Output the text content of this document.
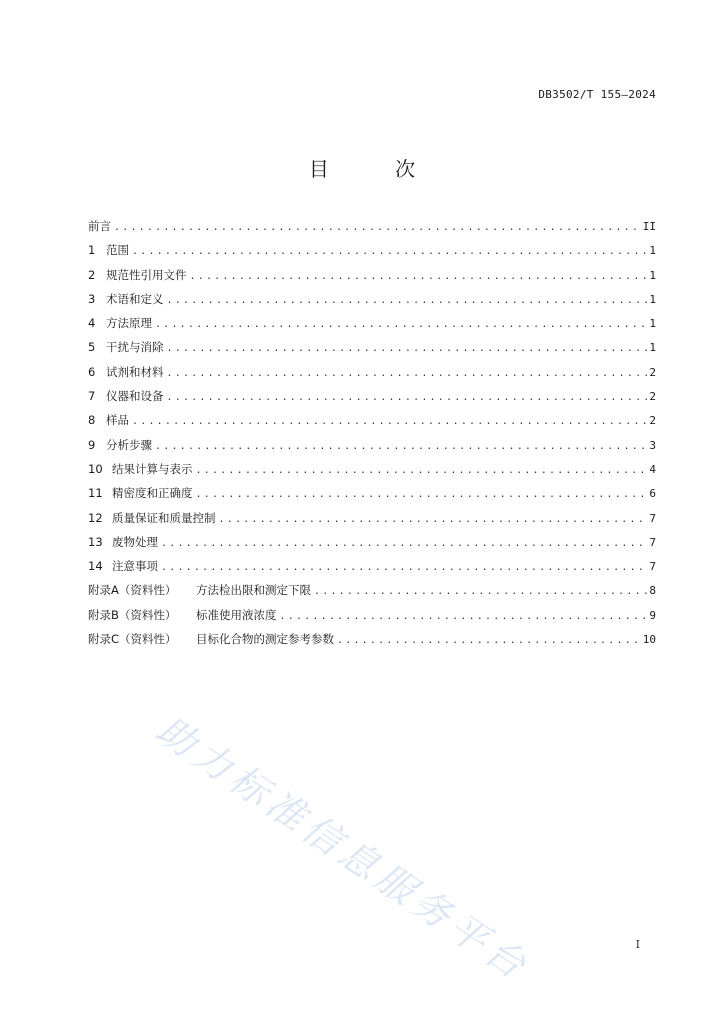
DB3502/T 155—2024
目 次
前言 .....	II
1 范围 .....	1
2 规范性引用文件 .....	1
3 术语和定义 .....	1
4 方法原理 .....	1
5 干扰与消除 .....	1
6 试剂和材料 .....	2
7 仪器和设备 .....	2
8 样品 .....	2
9 分析步骤 .....	3
10 结果计算与表示 .....	4
11 精密度和正确度 .....	6
12 质量保证和质量控制 .....	7
13 废物处理 .....	7
14 注意事项 .....	7
附录A（资料性）	方法检出限和测定下限 .....	8
附录B（资料性）	标准使用液浓度 .....	9
附录C（资料性）	目标化合物的测定参考参数 .....	10
助力标准信息服务平台	I
